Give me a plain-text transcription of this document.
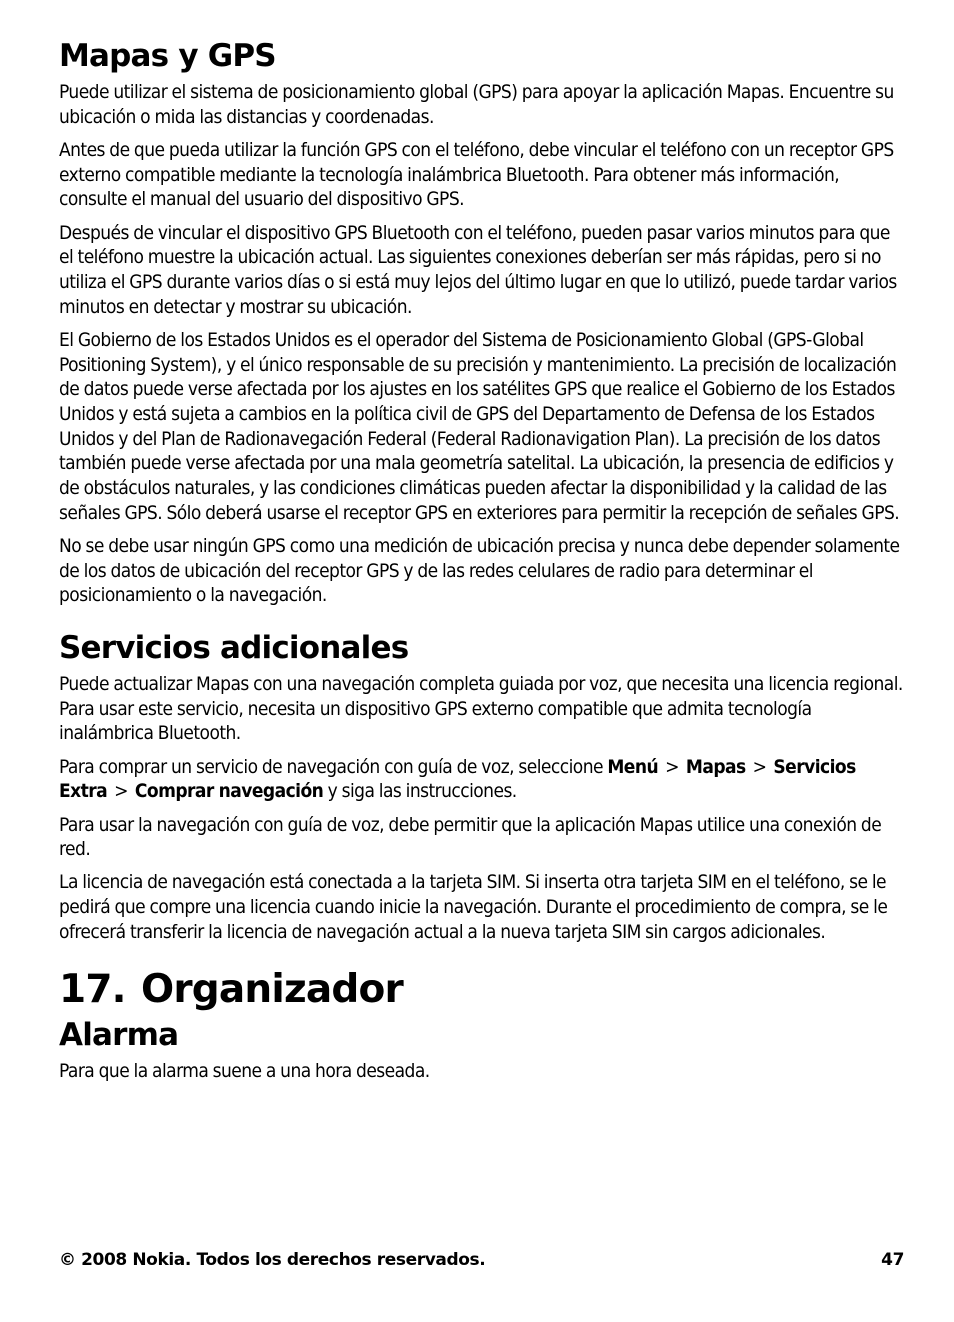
Mapas y GPS

Puede utilizar el sistema de posicionamiento global (GPS) para apoyar la aplicación Mapas. Encuentre su ubicación o mida las distancias y coordenadas.

Antes de que pueda utilizar la función GPS con el teléfono, debe vincular el teléfono con un receptor GPS externo compatible mediante la tecnología inalámbrica Bluetooth. Para obtener más información, consulte el manual del usuario del dispositivo GPS.

Después de vincular el dispositivo GPS Bluetooth con el teléfono, pueden pasar varios minutos para que el teléfono muestre la ubicación actual. Las siguientes conexiones deberían ser más rápidas, pero si no utiliza el GPS durante varios días o si está muy lejos del último lugar en que lo utilizó, puede tardar varios minutos en detectar y mostrar su ubicación.

El Gobierno de los Estados Unidos es el operador del Sistema de Posicionamiento Global (GPS-Global Positioning System), y el único responsable de su precisión y mantenimiento. La precisión de localización de datos puede verse afectada por los ajustes en los satélites GPS que realice el Gobierno de los Estados Unidos y está sujeta a cambios en la política civil de GPS del Departamento de Defensa de los Estados Unidos y del Plan de Radionavegación Federal (Federal Radionavigation Plan). La precisión de los datos también puede verse afectada por una mala geometría satelital. La ubicación, la presencia de edificios y de obstáculos naturales, y las condiciones climáticas pueden afectar la disponibilidad y la calidad de las señales GPS. Sólo deberá usarse el receptor GPS en exteriores para permitir la recepción de señales GPS.

No se debe usar ningún GPS como una medición de ubicación precisa y nunca debe depender solamente de los datos de ubicación del receptor GPS y de las redes celulares de radio para determinar el posicionamiento o la navegación.

Servicios adicionales

Puede actualizar Mapas con una navegación completa guiada por voz, que necesita una licencia regional. Para usar este servicio, necesita un dispositivo GPS externo compatible que admita tecnología inalámbrica Bluetooth.

Para comprar un servicio de navegación con guía de voz, seleccione Menú > Mapas > Servicios Extra > Comprar navegación y siga las instrucciones.

Para usar la navegación con guía de voz, debe permitir que la aplicación Mapas utilice una conexión de red.

La licencia de navegación está conectada a la tarjeta SIM. Si inserta otra tarjeta SIM en el teléfono, se le pedirá que compre una licencia cuando inicie la navegación. Durante el procedimiento de compra, se le ofrecerá transferir la licencia de navegación actual a la nueva tarjeta SIM sin cargos adicionales.

17. Organizador
Alarma

Para que la alarma suene a una hora deseada.

© 2008 Nokia. Todos los derechos reservados.	47
